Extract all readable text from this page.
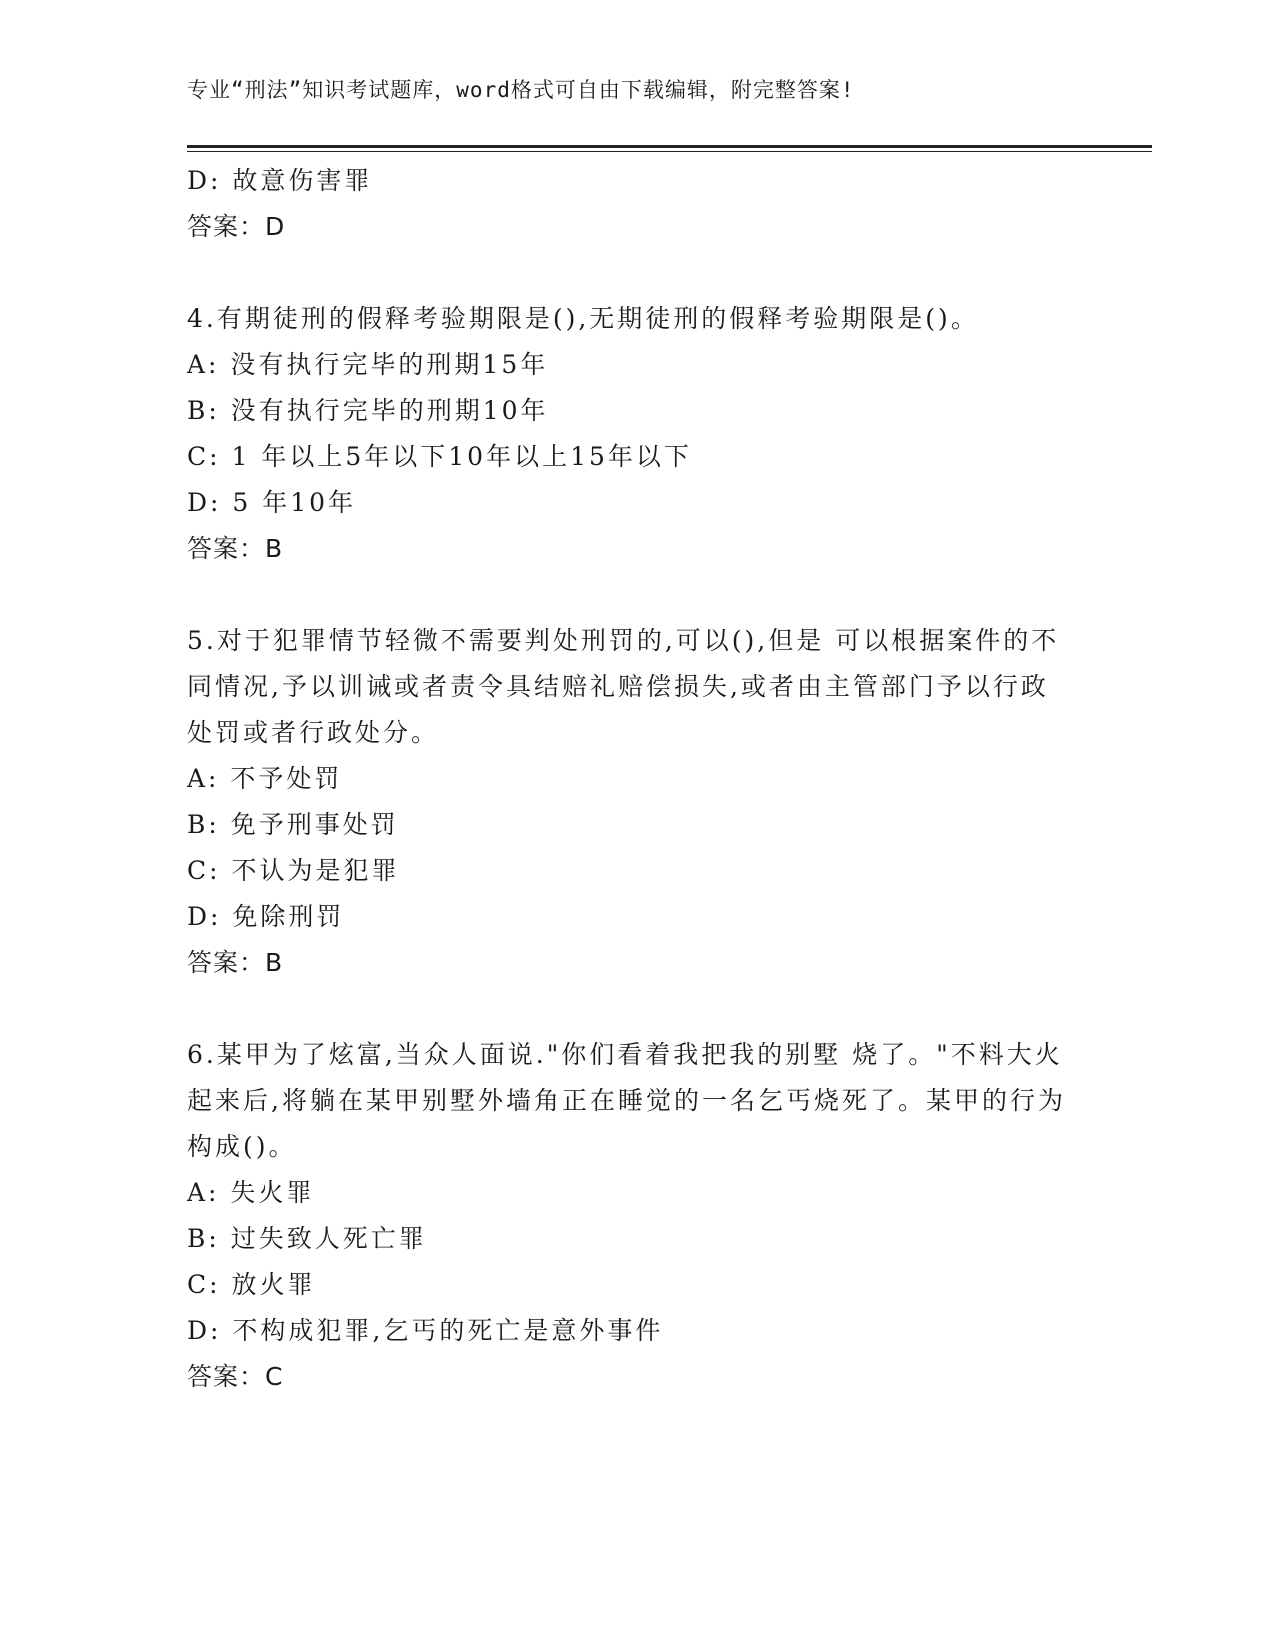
专业“刑法”知识考试题库，word格式可自由下载编辑，附完整答案!
D: 故意伤害罪
答案：D
4.有期徒刑的假释考验期限是(),无期徒刑的假释考验期限是()。
A: 没有执行完毕的刑期15年
B: 没有执行完毕的刑期10年
C: 1 年以上5年以下10年以上15年以下
D: 5 年10年
答案：B
5.对于犯罪情节轻微不需要判处刑罚的,可以(),但是 可以根据案件的不同情况,予以训诫或者责令具结赔礼赔偿损失,或者由主管部门予以行政处罚或者行政处分。
A: 不予处罚
B: 免予刑事处罚
C: 不认为是犯罪
D: 免除刑罚
答案：B
6.某甲为了炫富,当众人面说."你们看着我把我的别墅 烧了。"不料大火起来后,将躺在某甲别墅外墙角正在睡觉的一名乞丐烧死了。某甲的行为构成()。
A: 失火罪
B: 过失致人死亡罪
C: 放火罪
D: 不构成犯罪,乞丐的死亡是意外事件
答案：C
